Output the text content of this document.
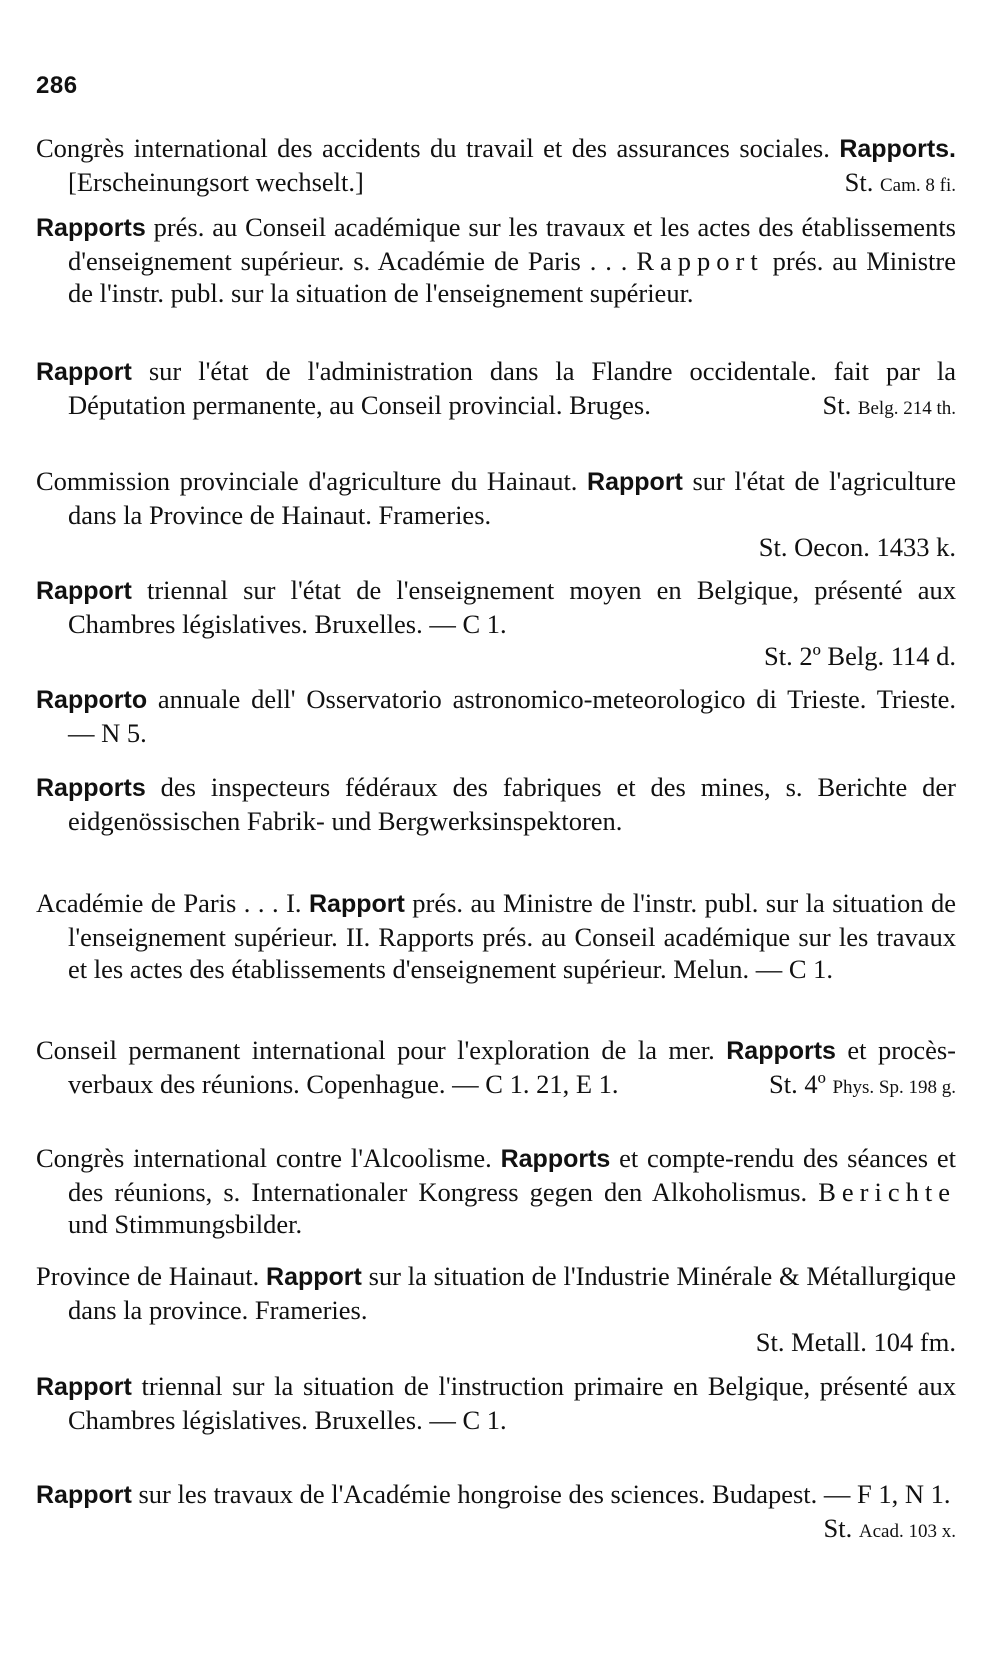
286
Congrès international des accidents du travail et des assurances sociales. Rapports. [Erscheinungsort wechselt.]	St. Cam. 8 fi.
Rapports prés. au Conseil académique sur les travaux et les actes des établissements d'enseignement supérieur. s. Académie de Paris . . . Rapport prés. au Ministre de l'instr. publ. sur la situation de l'enseignement supérieur.
Rapport sur l'état de l'administration dans la Flandre occidentale. fait par la Députation permanente, au Conseil provincial. Bruges.	St. Belg. 214 th.
Commission provinciale d'agriculture du Hainaut. Rapport sur l'état de l'agriculture dans la Province de Hainaut. Frameries.
St. Oecon. 1433 k.
Rapport triennal sur l'état de l'enseignement moyen en Belgique, présenté aux Chambres législatives. Bruxelles. — C 1.
St. 2º Belg. 114 d.
Rapporto annuale dell' Osservatorio astronomico-meteorologico di Trieste. Trieste. — N 5.
Rapports des inspecteurs fédéraux des fabriques et des mines, s. Berichte der eidgenössischen Fabrik- und Bergwerksinspektoren.
Académie de Paris . . . I. Rapport prés. au Ministre de l'instr. publ. sur la situation de l'enseignement supérieur. II. Rapports prés. au Conseil académique sur les travaux et les actes des établissements d'enseignement supérieur. Melun. — C 1.
Conseil permanent international pour l'exploration de la mer. Rapports et procès-verbaux des réunions. Copenhague. — C 1. 21, E 1.	St. 4º Phys. Sp. 198 g.
Congrès international contre l'Alcoolisme. Rapports et compte-rendu des séances et des réunions, s. Internationaler Kongress gegen den Alkoholismus. Berichte und Stimmungsbilder.
Province de Hainaut. Rapport sur la situation de l'Industrie Minérale & Métallurgique dans la province. Frameries.
St. Metall. 104 fm.
Rapport triennal sur la situation de l'instruction primaire en Belgique, présenté aux Chambres législatives. Bruxelles. — C 1.
Rapport sur les travaux de l'Académie hongroise des sciences. Budapest. — F 1, N 1.
St. Acad. 103 x.
